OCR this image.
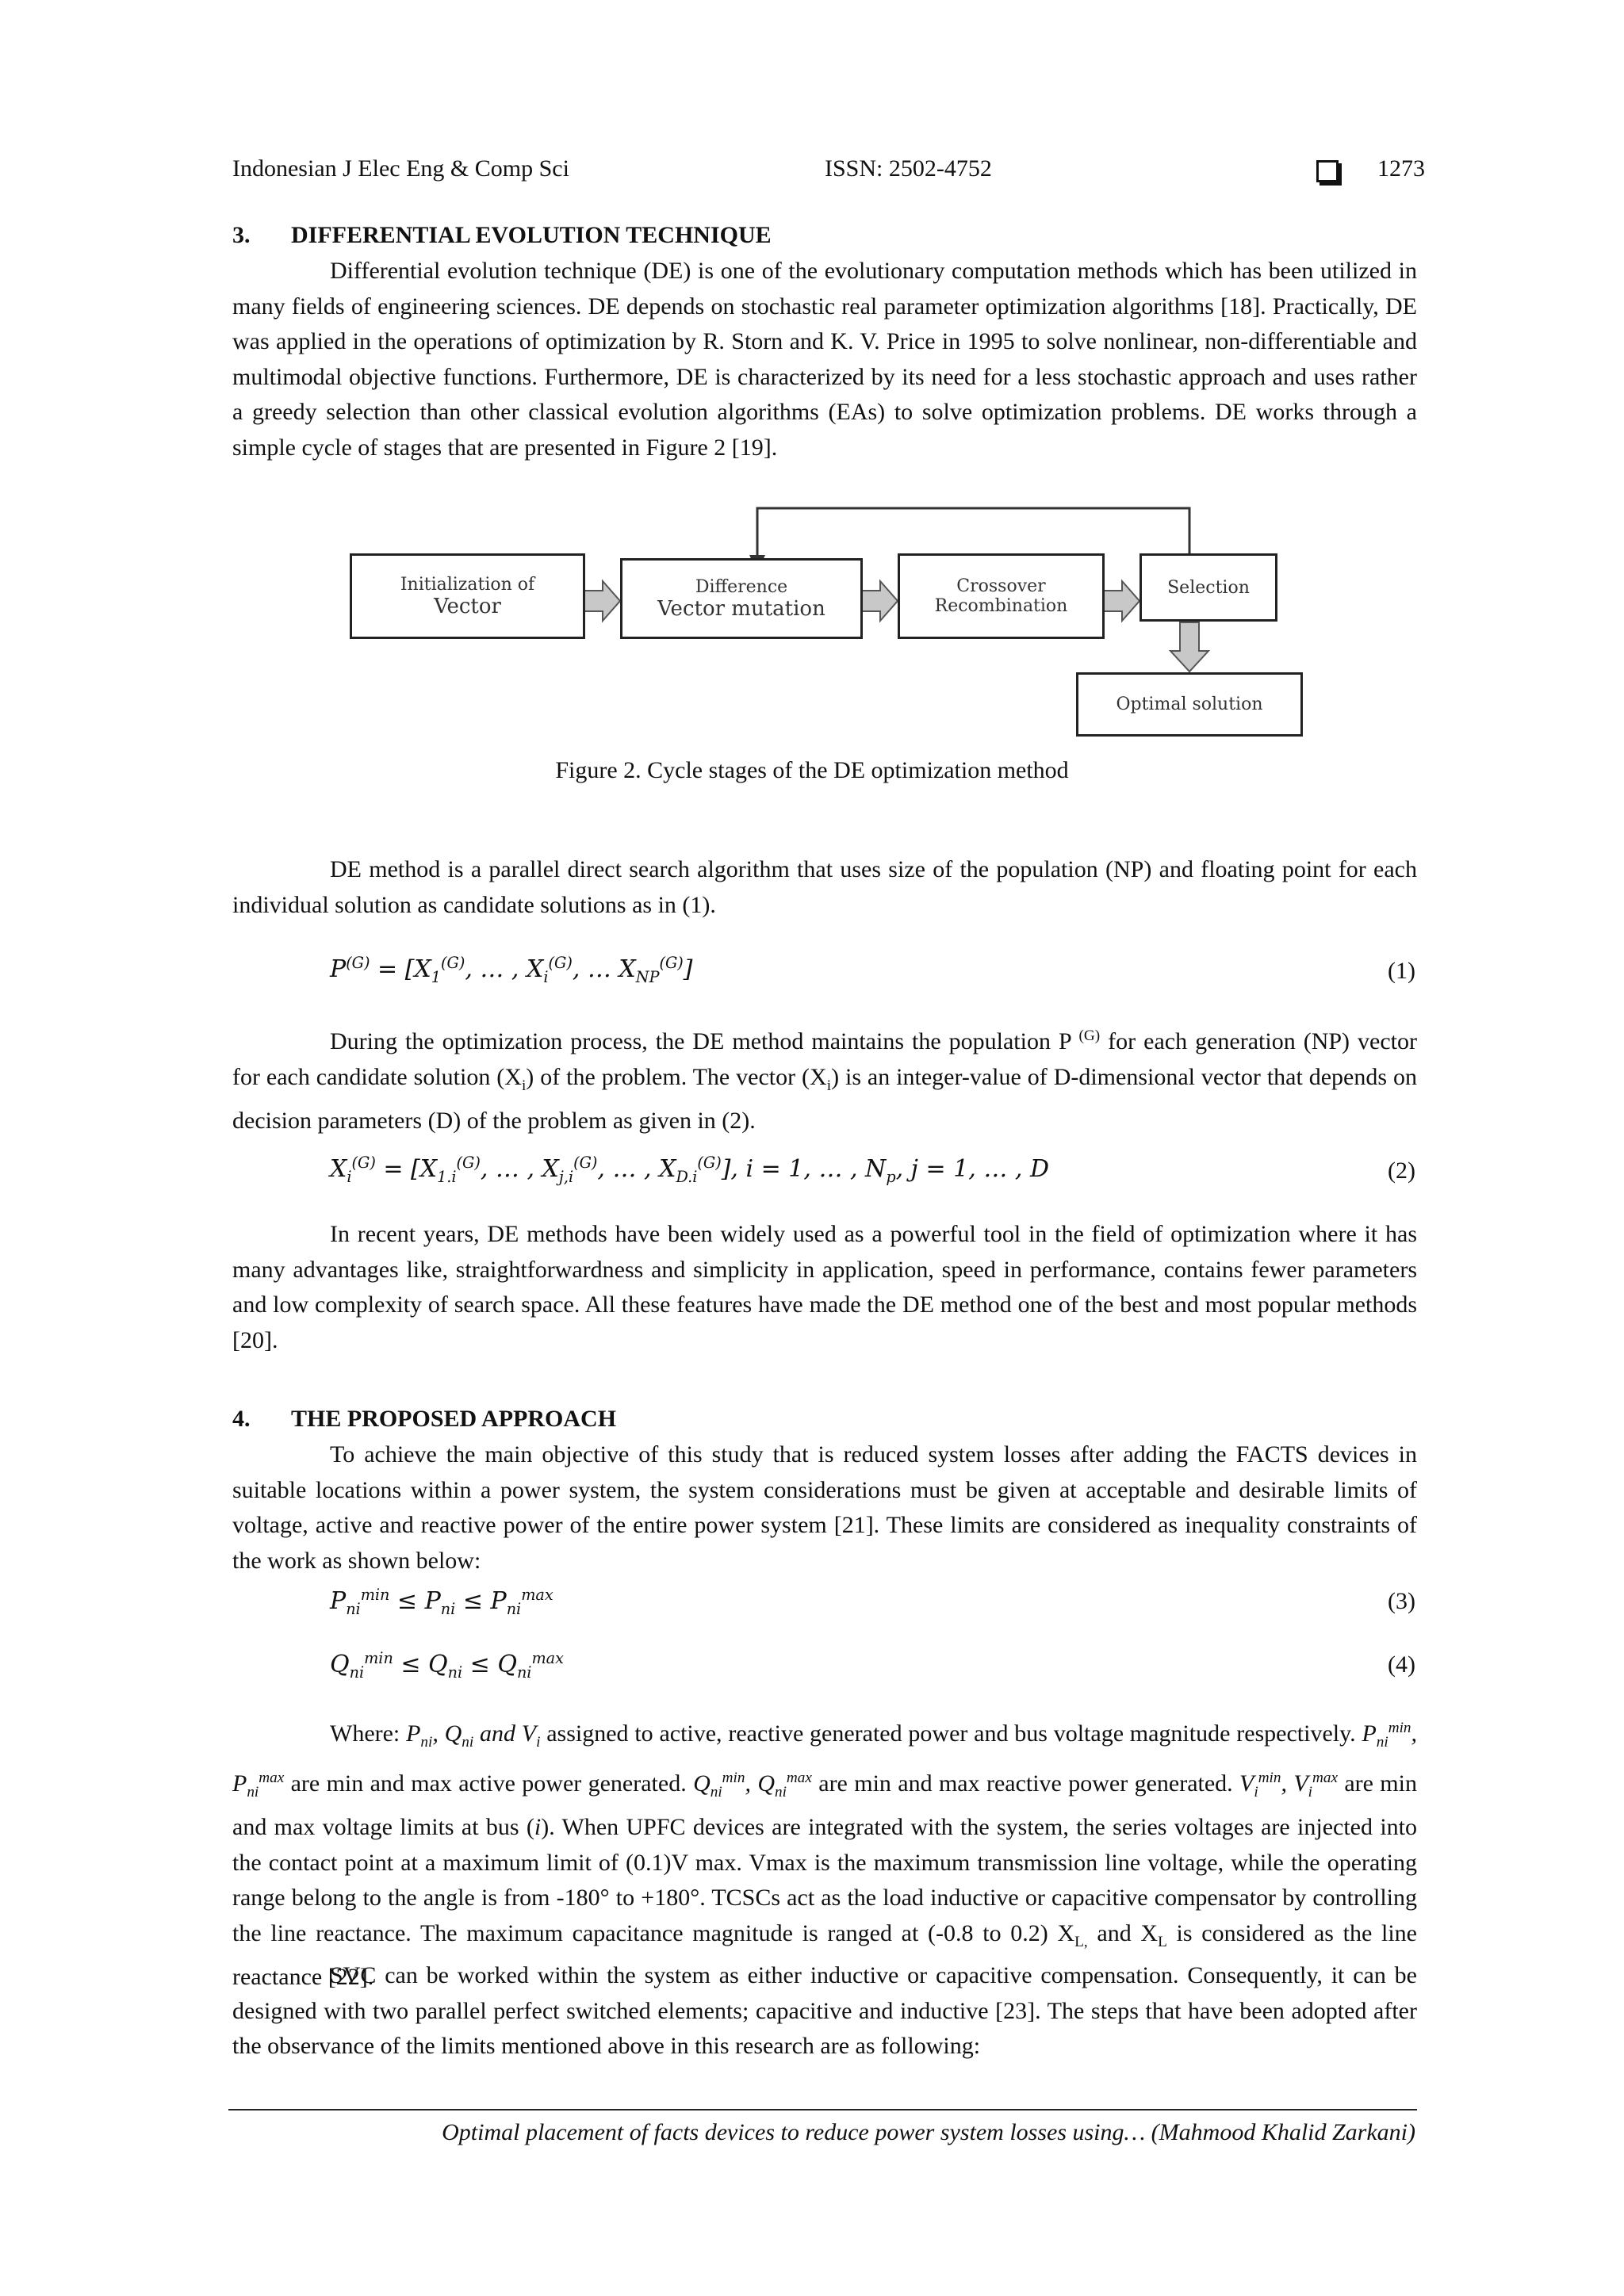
Indonesian J Elec Eng & Comp Sci	ISSN: 2502-4752	1273
3. DIFFERENTIAL EVOLUTION TECHNIQUE

Differential evolution technique (DE) is one of the evolutionary computation methods which has been utilized in many fields of engineering sciences. DE depends on stochastic real parameter optimization algorithms [18]. Practically, DE was applied in the operations of optimization by R. Storn and K. V. Price in 1995 to solve nonlinear, non-differentiable and multimodal objective functions. Furthermore, DE is characterized by its need for a less stochastic approach and uses rather a greedy selection than other classical evolution algorithms (EAs) to solve optimization problems. DE works through a simple cycle of stages that are presented in Figure 2 [19].

Initialization of
Vector
Difference
Vector mutation
Crossover
Recombination
Selection
Optimal solution
Figure 2. Cycle stages of the DE optimization method

DE method is a parallel direct search algorithm that uses size of the population (NP) and floating point for each individual solution as candidate solutions as in (1).

$P^{(G)} = [X_1^{(G)}$, … , $X_i^{(G)}$, … $X_{NP}^{(G)}$]	(1)

During the optimization process, the DE method maintains the population P $^{(G)}$ for each generation (NP) vector for each candidate solution $(X_i)$ of the problem. The vector $(X_i)$ is an integer-value of D-dimensional vector that depends on decision parameters (D) of the problem as given in (2).

$X_i^{(G)} = [X_{1.i}^{(G)}$, … , $X_{j,i}^{(G)}$, … , $X_{D.i}^{(G)}$], i = 1, … , $N_p$, j = 1, … , D	(2)

In recent years, DE methods have been widely used as a powerful tool in the field of optimization where it has many advantages like, straightforwardness and simplicity in application, speed in performance, contains fewer parameters and low complexity of search space. All these features have made the DE method one of the best and most popular methods [20].

4. THE PROPOSED APPROACH

To achieve the main objective of this study that is reduced system losses after adding the FACTS devices in suitable locations within a power system, the system considerations must be given at acceptable and desirable limits of voltage, active and reactive power of the entire power system [21]. These limits are considered as inequality constraints of the work as shown below:

$P_{ni}^{min} \le P_{ni} \le P_{ni}^{max}$	(3)
$Q_{ni}^{min} \le Q_{ni} \le Q_{ni}^{max}$	(4)

Where: $P_{ni}$, $Q_{ni}$ and $V_i$ assigned to active, reactive generated power and bus voltage magnitude respectively. $P_{ni}^{min}$, $P_{ni}^{max}$ are min and max active power generated. $Q_{ni}^{min}$, $Q_{ni}^{max}$ are min and max reactive power generated. $V_i^{min}$, $V_i^{max}$ are min and max voltage limits at bus (i). When UPFC devices are integrated with the system, the series voltages are injected into the contact point at a maximum limit of (0.1)V max. Vmax is the maximum transmission line voltage, while the operating range belong to the angle is from -180° to +180°. TCSCs act as the load inductive or capacitive compensator by controlling the line reactance. The maximum capacitance magnitude is ranged at (-0.8 to 0.2) $X_{L,}$ and $X_L$ is considered as the line reactance [22].

SVC can be worked within the system as either inductive or capacitive compensation. Consequently, it can be designed with two parallel perfect switched elements; capacitive and inductive [23]. The steps that have been adopted after the observance of the limits mentioned above in this research are as following:

Optimal placement of facts devices to reduce power system losses using… (Mahmood Khalid Zarkani)
